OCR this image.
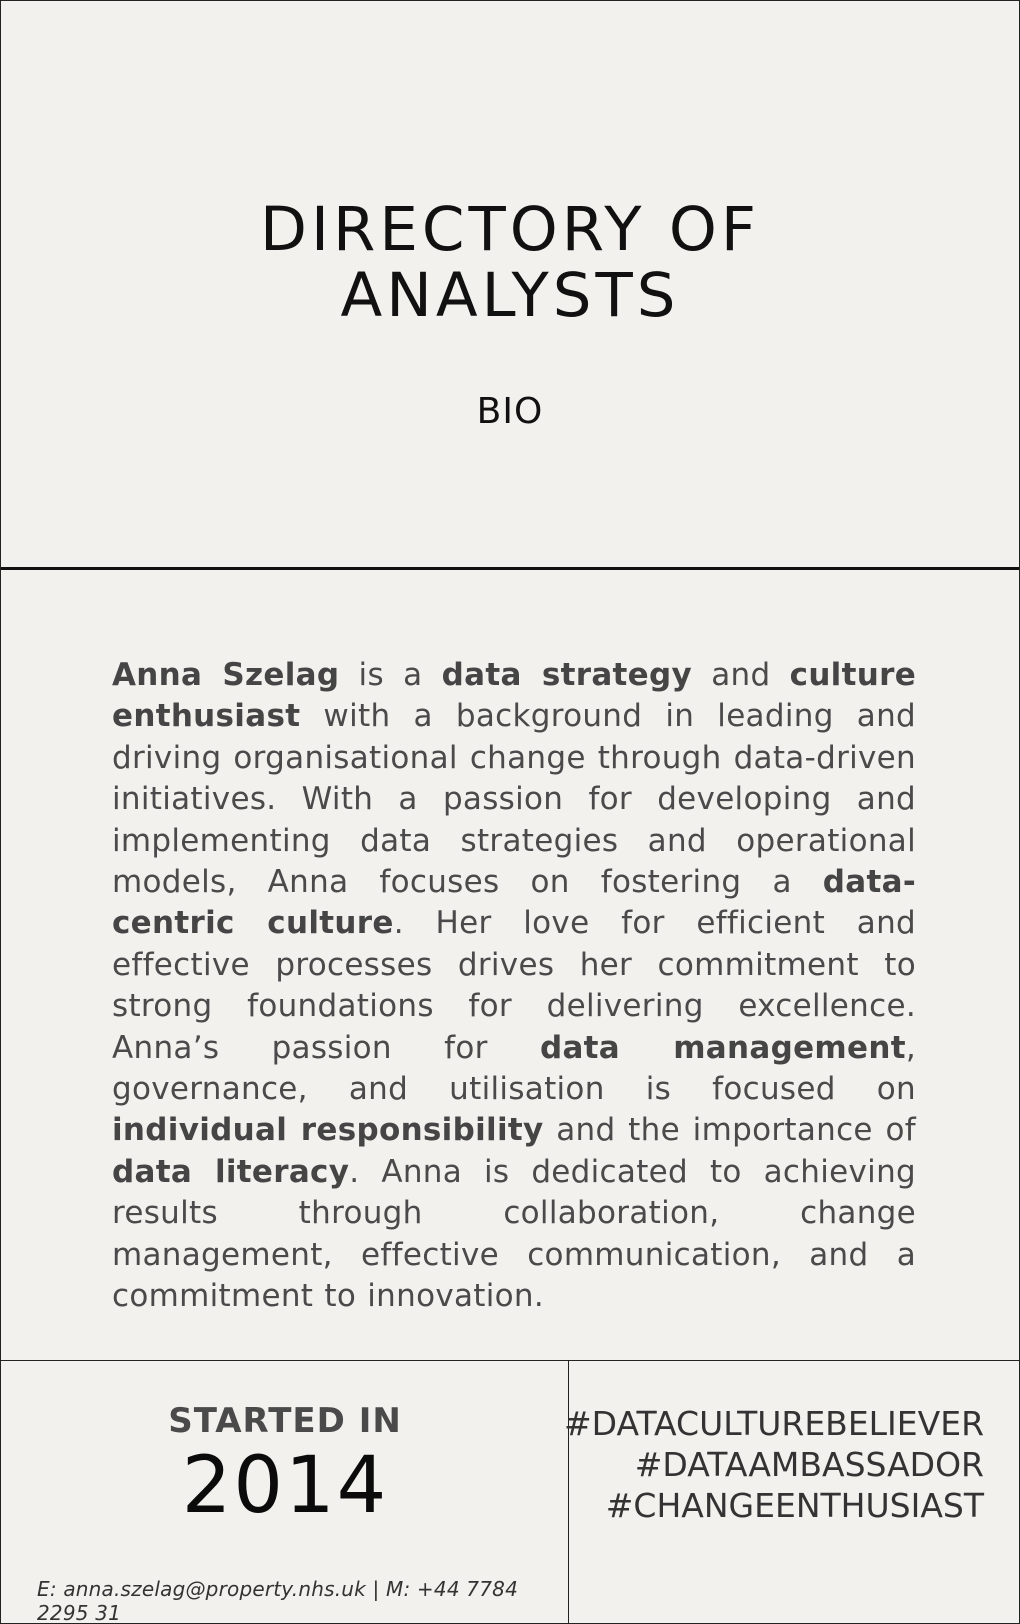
DIRECTORY OF
ANALYSTS
BIO

Anna Szelag is a data strategy and culture enthusiast with a background in leading and driving organisational change through data-driven initiatives. With a passion for developing and implementing data strategies and operational models, Anna focuses on fostering a data-centric culture. Her love for efficient and effective processes drives her commitment to strong foundations for delivering excellence. Anna’s passion for data management, governance, and utilisation is focused on individual responsibility and the importance of data literacy. Anna is dedicated to achieving results through collaboration, change management, effective communication, and a commitment to innovation.

STARTED IN
2014
E: anna.szelag@property.nhs.uk | M: +44 7784 2295 31
#DATACULTUREBELIEVER
#DATAAMBASSADOR
#CHANGEENTHUSIAST
